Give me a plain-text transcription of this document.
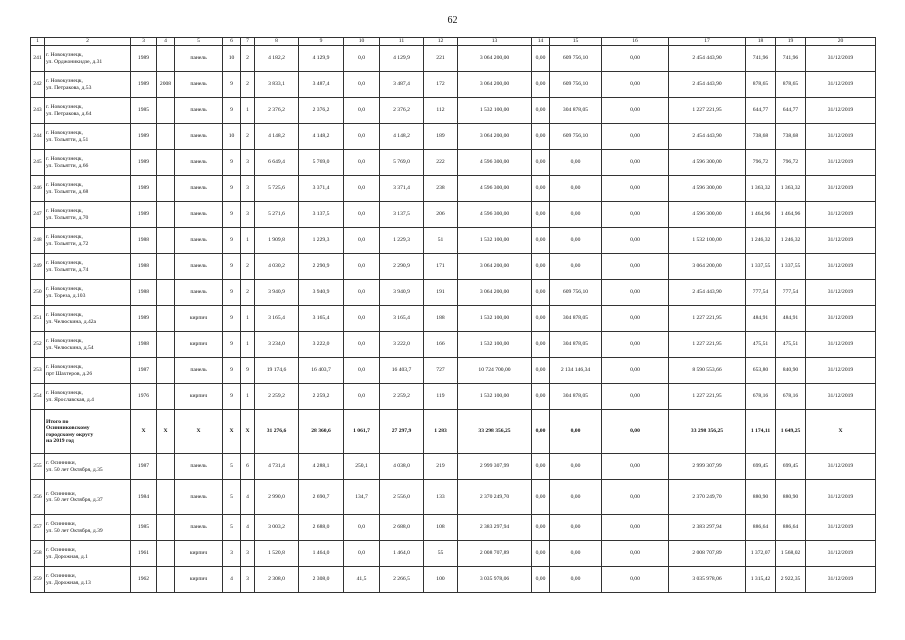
62
1	2	3	4	5	6	7	8	9	10	11	12	13	14	15	16	17	18	19	20
241	г. Новокузнецк,
ул. Орджоникидзе, д.31	1989		панель	10	2	4 182,2	4 129,9	0,0	4 129,9	221	3 064 200,00	0,00	609 756,10	0,00	2 454 443,90	741,96	741,96	31/12/2019
242	г. Новокузнецк,
ул. Петракова, д.53	1989	2008	панель	9	2	3 833,1	3 487,4	0,0	3 487,4	172	3 064 200,00	0,00	609 756,10	0,00	2 454 443,90	878,65	878,65	31/12/2019
243	г. Новокузнецк,
ул. Петракова, д.64	1985		панель	9	1	2 376,2	2 376,2	0,0	2 376,2	112	1 532 100,00	0,00	304 878,05	0,00	1 227 221,95	644,77	644,77	31/12/2019
244	г. Новокузнецк,
ул. Тольятти, д.51	1989		панель	10	2	4 148,2	4 148,2	0,0	4 148,2	189	3 064 200,00	0,00	609 756,10	0,00	2 454 443,90	738,68	738,68	31/12/2019
245	г. Новокузнецк,
ул. Тольятти, д.66	1989		панель	9	3	6 649,4	5 769,0	0,0	5 769,0	222	4 596 300,00	0,00	0,00	0,00	4 596 300,00	796,72	796,72	31/12/2019
246	г. Новокузнецк,
ул. Тольятти, д.68	1989		панель	9	3	5 725,6	3 371,4	0,0	3 371,4	238	4 596 300,00	0,00	0,00	0,00	4 596 300,00	1 363,32	1 363,32	31/12/2019
247	г. Новокузнецк,
ул. Тольятти, д.70	1989		панель	9	3	5 271,6	3 137,5	0,0	3 137,5	206	4 596 300,00	0,00	0,00	0,00	4 596 300,00	1 464,96	1 464,96	31/12/2019
248	г. Новокузнецк,
ул. Тольятти, д.72	1988		панель	9	1	1 909,8	1 229,3	0,0	1 229,3	51	1 532 100,00	0,00	0,00	0,00	1 532 100,00	1 246,32	1 246,32	31/12/2019
249	г. Новокузнецк,
ул. Тольятти, д.74	1988		панель	9	2	4 030,2	2 290,9	0,0	2 290,9	171	3 064 200,00	0,00	0,00	0,00	3 064 200,00	1 337,55	1 337,55	31/12/2019
250	г. Новокузнецк,
ул. Тореза, д.103	1988		панель	9	2	3 940,9	3 940,9	0,0	3 940,9	191	3 064 200,00	0,00	609 756,10	0,00	2 454 443,90	777,54	777,54	31/12/2019
251	г. Новокузнецк,
ул. Челюскина, д.42а	1989		кирпич	9	1	3 165,4	3 165,4	0,0	3 165,4	188	1 532 100,00	0,00	304 878,05	0,00	1 227 221,95	484,91	484,91	31/12/2019
252	г. Новокузнецк,
ул. Челюскина, д.54	1988		кирпич	9	1	3 234,0	3 222,0	0,0	3 222,0	166	1 532 100,00	0,00	304 878,05	0,00	1 227 221,95	475,51	475,51	31/12/2019
253	г. Новокузнецк,
прт Шахтеров, д.26	1987		панель	9	9	19 174,6	16 403,7	0,0	16 403,7	727	10 724 700,00	0,00	2 134 146,34	0,00	8 590 553,66	653,80	840,90	31/12/2019
254	г. Новокузнецк,
ул. Ярославская, д.4	1976		кирпич	9	1	2 259,2	2 259,2	0,0	2 259,2	119	1 532 100,00	0,00	304 878,05	0,00	1 227 221,95	678,16	678,16	31/12/2019
	Итого по
Осинниковскому
городскому округу
на 2019 год	X	X	X	X	X	31 276,6	28 360,6	1 061,7	27 297,9	1 283	33 298 356,25	0,00	0,00	0,00	33 298 356,25	1 174,11	1 649,25	X
255	г. Осинники,
ул. 50 лет Октября, д.35	1987		панель	5	6	4 731,4	4 288,1	250,1	4 038,0	219	2 999 307,99	0,00	0,00	0,00	2 999 307,99	699,45	699,45	31/12/2019
256	г. Осинники,
ул. 50 лет Октября, д.37	1984		панель	5	4	2 990,0	2 690,7	134,7	2 556,0	133	2 370 249,70	0,00	0,00	0,00	2 370 249,70	880,90	880,90	31/12/2019
257	г. Осинники,
ул. 50 лет Октября, д.39	1985		панель	5	4	3 003,2	2 688,0	0,0	2 688,0	108	2 383 297,94	0,00	0,00	0,00	2 383 297,94	886,64	886,64	31/12/2019
258	г. Осинники,
ул. Дорожная, д.1	1961		кирпич	3	3	1 520,8	1 464,0	0,0	1 464,0	55	2 008 707,89	0,00	0,00	0,00	2 008 707,89	1 372,07	1 568,02	31/12/2019
259	г. Осинники,
ул. Дорожная, д.13	1962		кирпич	4	3	2 308,0	2 308,0	41,5	2 266,5	100	3 035 978,06	0,00	0,00	0,00	3 035 978,06	1 315,42	2 922,35	31/12/2019
